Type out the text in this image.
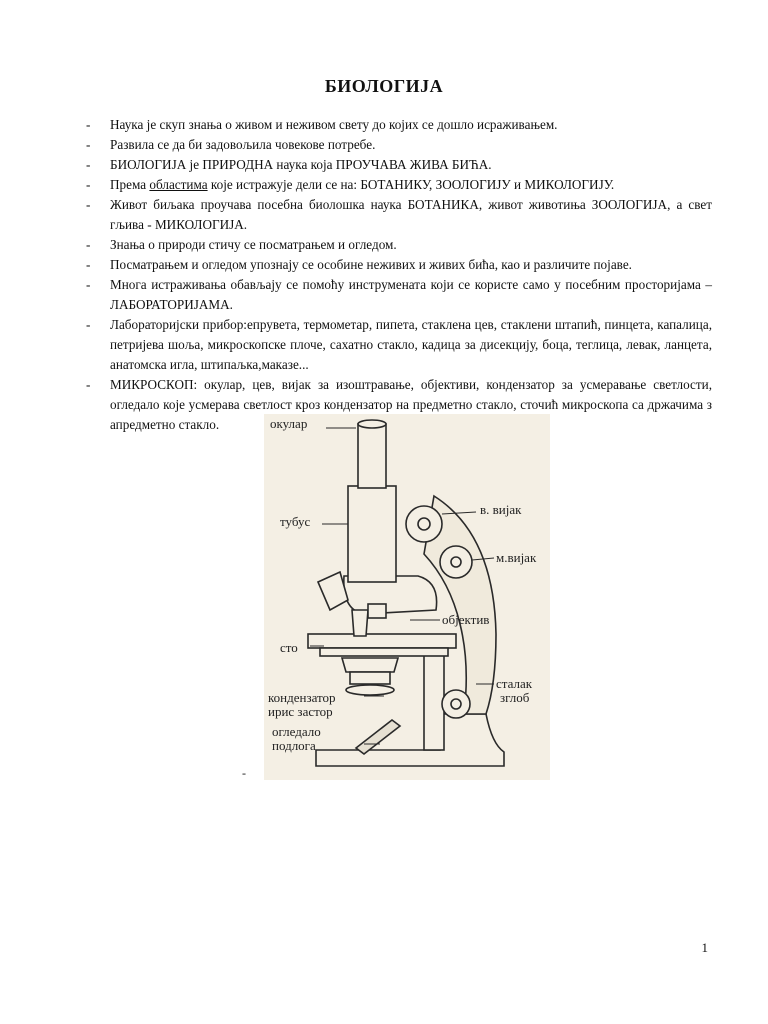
БИОЛОГИЈА
- Наука је скуп знања о живом и неживом свету до којих се дошло исраживањем.
- Развила се да би задовољила човекове потребе.
- БИОЛОГИЈА је ПРИРОДНА наука која ПРОУЧАВА ЖИВА БИЋА.
- Према областима које истражује дели се на: БОТАНИКУ, ЗООЛОГИЈУ и МИКОЛОГИЈУ.
- Живот биљака проучава посебна биолошка наука БОТАНИКА, живот животиња ЗООЛОГИЈА, а свет гљива - МИКОЛОГИЈА.
- Знања о природи стичу се посматрањем и огледом.
- Посматрањем и огледом упознају се особине неживих и живих бића, као и различите појаве.
- Многа истраживања обављају се помоћу инструмената који се користе само у посебним просторијама – ЛАБОРАТОРИЈАМА.
- Лабораторијски прибор:епрувета, термометар, пипета, стаклена цев, стаклени штапић, пинцета, капалица, петријева шоља, микроскопске плоче, сахатно стакло, кадица за дисекцију, боца, теглица, левак, ланцета, анатомска игла, штипаљка,маказе...
- МИКРОСКОП: окулар, цев, вијак за изоштравање, објективи, кондензатор за усмеравање светлости, огледало које усмерава светлост кроз кондензатор на предметно стакло, сточић микроскопа са држачима з апредметно стакло.	окулар
тубус
в. вијак
м.вијак
објектив
сто
сталак
зглоб
кондензатор
ирис застор
огледало
подлога
-
1
